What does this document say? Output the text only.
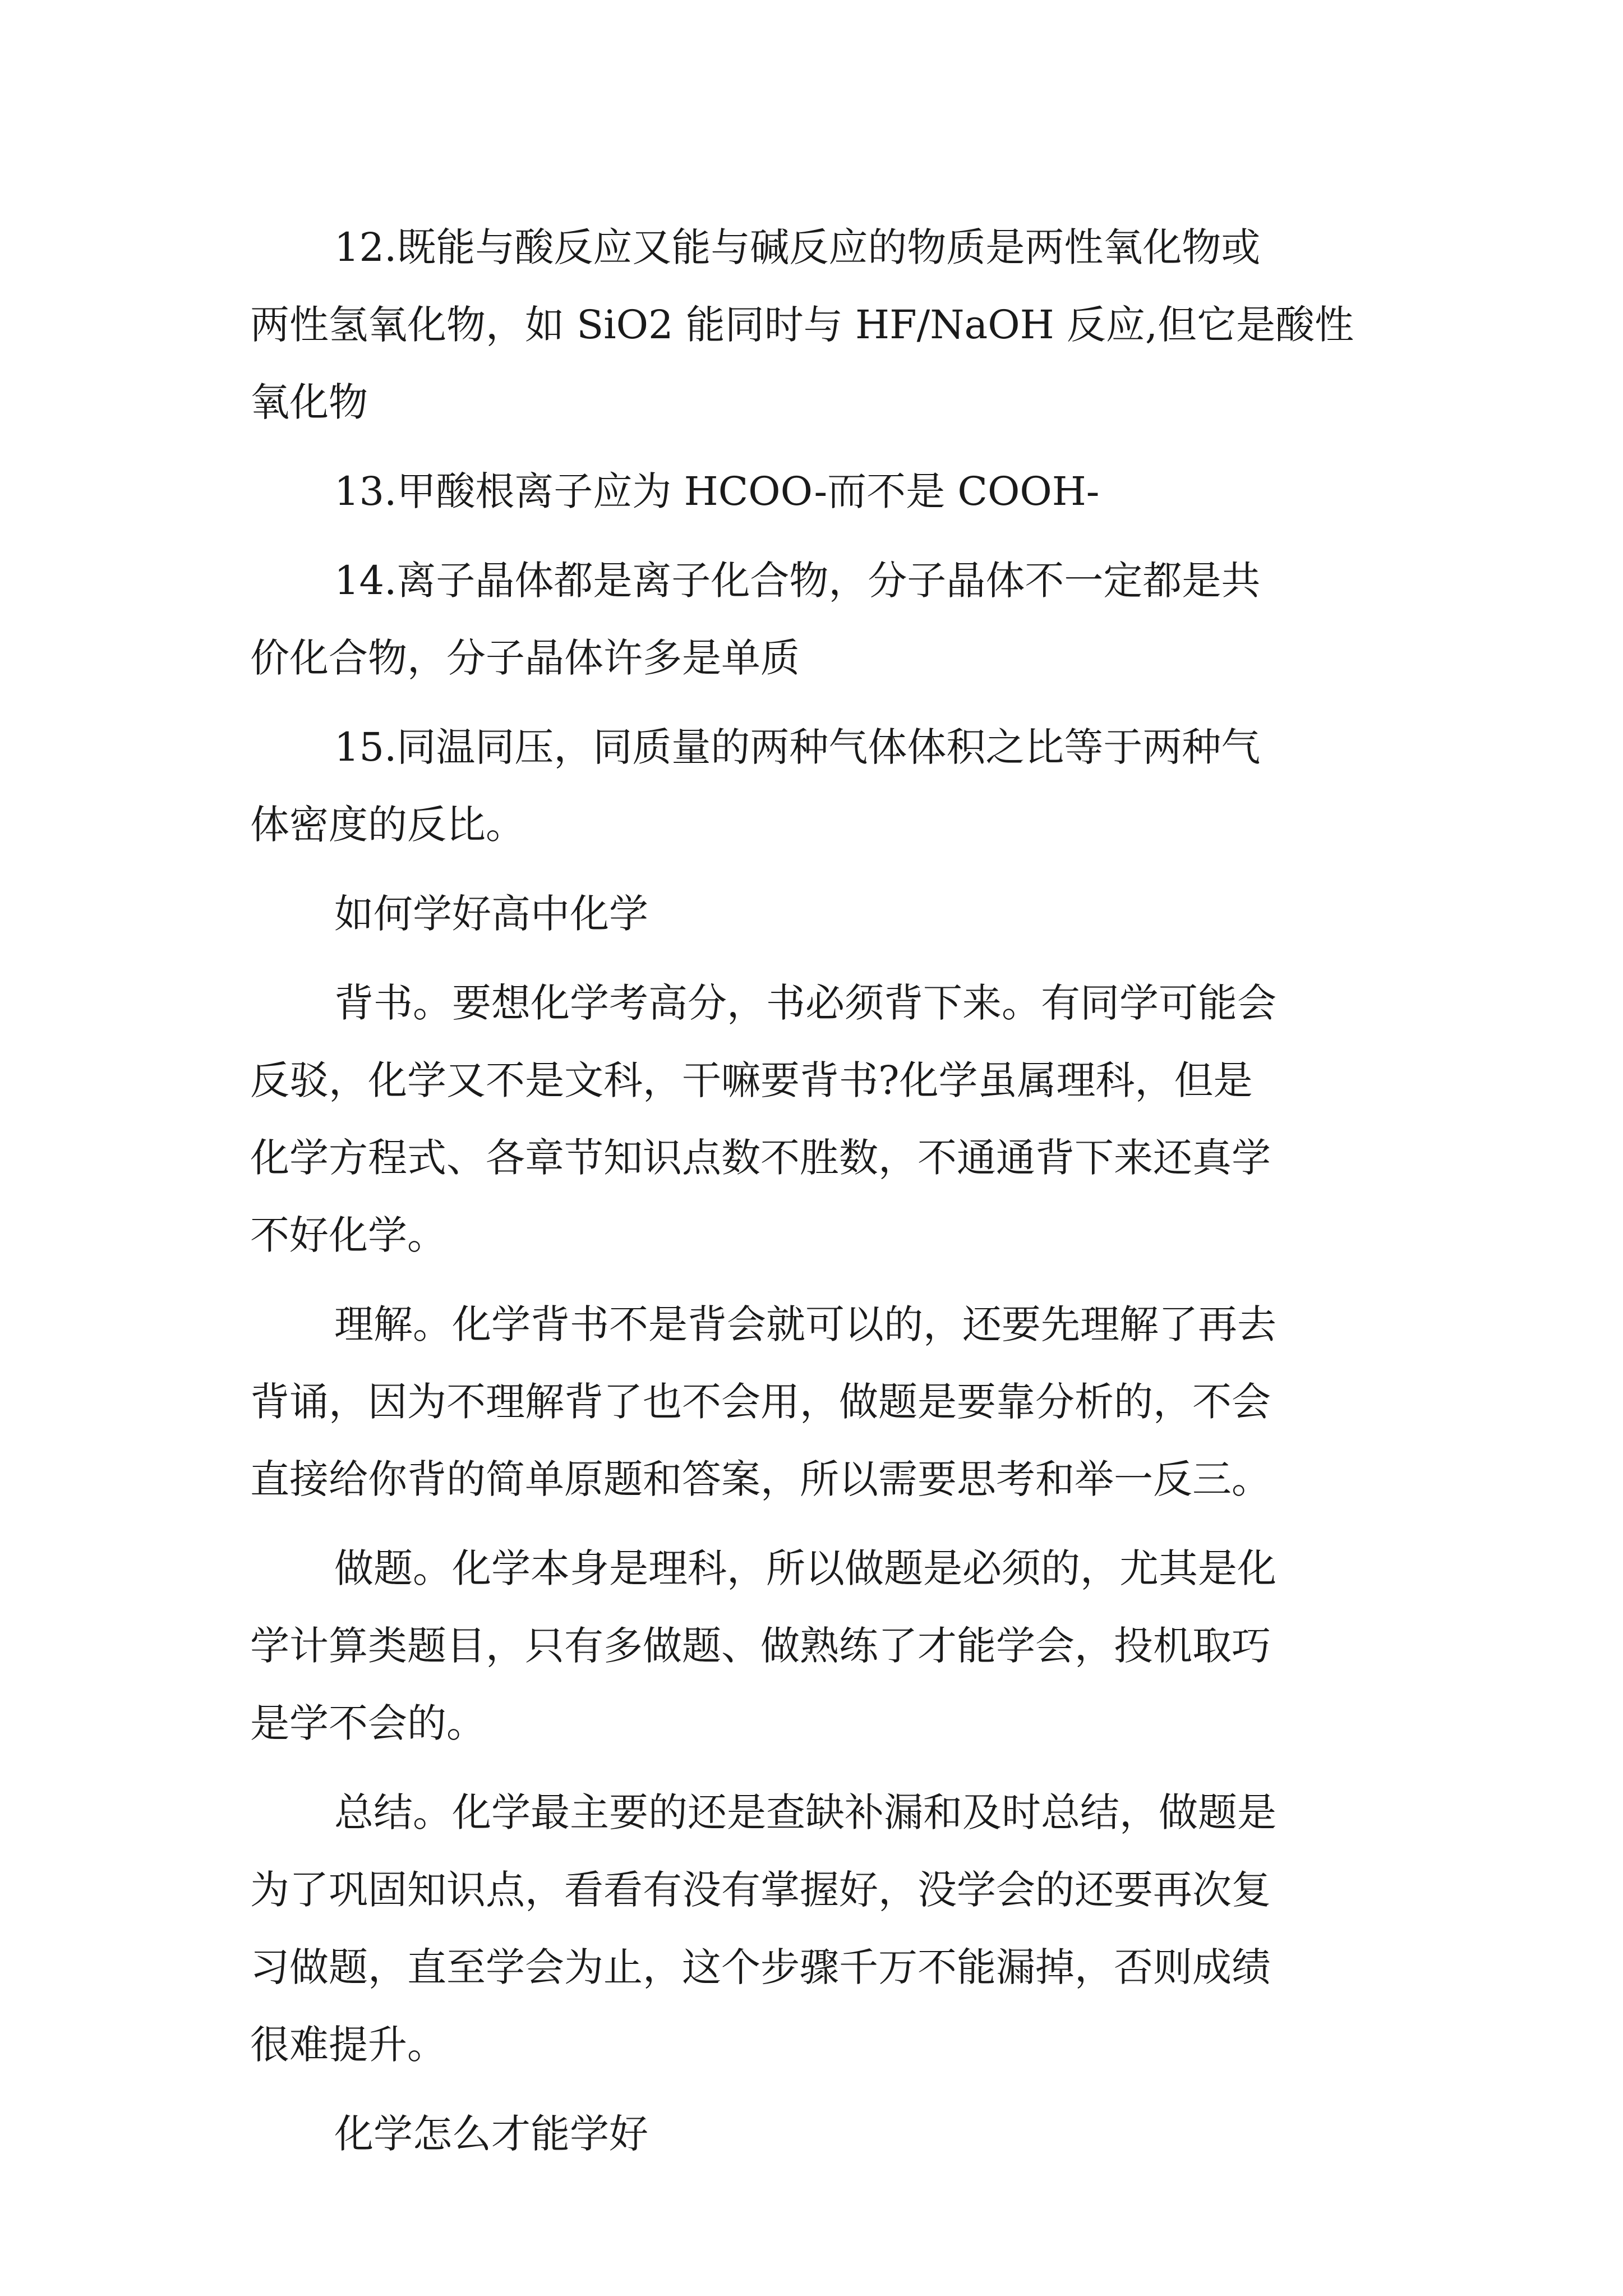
12.既能与酸反应又能与碱反应的物质是两性氧化物或
两性氢氧化物，如 SiO2 能同时与 HF/NaOH 反应,但它是酸性
氧化物
13.甲酸根离子应为 HCOO-而不是 COOH-
14.离子晶体都是离子化合物，分子晶体不一定都是共
价化合物，分子晶体许多是单质
15.同温同压，同质量的两种气体体积之比等于两种气
体密度的反比。
如何学好高中化学
背书。要想化学考高分，书必须背下来。有同学可能会
反驳，化学又不是文科，干嘛要背书?化学虽属理科，但是
化学方程式、各章节知识点数不胜数，不通通背下来还真学
不好化学。
理解。化学背书不是背会就可以的，还要先理解了再去
背诵，因为不理解背了也不会用，做题是要靠分析的，不会
直接给你背的简单原题和答案，所以需要思考和举一反三。
做题。化学本身是理科，所以做题是必须的，尤其是化
学计算类题目，只有多做题、做熟练了才能学会，投机取巧
是学不会的。
总结。化学最主要的还是查缺补漏和及时总结，做题是
为了巩固知识点，看看有没有掌握好，没学会的还要再次复
习做题，直至学会为止，这个步骤千万不能漏掉，否则成绩
很难提升。
化学怎么才能学好
